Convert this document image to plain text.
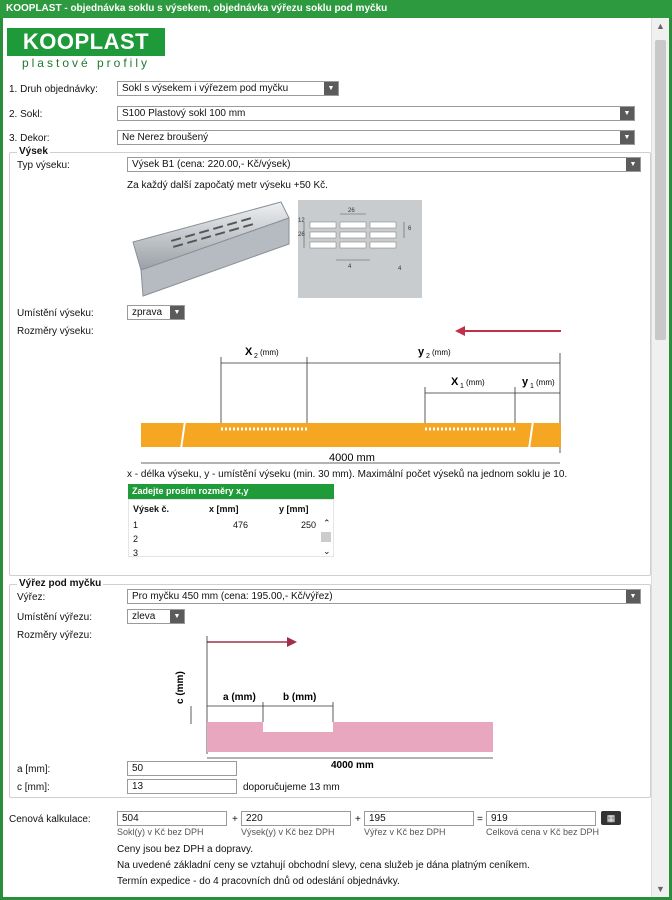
KOOPLAST - objednávka soklu s výsekem, objednávka výřezu soklu pod myčku
KOOPLAST
plastové profily
1. Druh objednávky:	Sokl s výsekem i výřezem pod myčku	▼
2. Sokl:	S100 Plastový sokl 100 mm	▼
3. Dekor:	Ne Nerez broušený	▼
Výsek
Typ výseku:	Výsek B1 (cena: 220.00,- Kč/výsek)	▼
Za každý další započatý metr výseku +50 Kč.
26
26
12
4	4
6
Umístění výseku:	zprava	▼
Rozměry výseku:
X 2 (mm)	y 2 (mm)
X 1 (mm)	y 1 (mm)
4000 mm
x - délka výseku, y - umístění výseku (min. 30 mm). Maximální počet výseků na jednom soklu je 10.
Zadejte prosím rozměry x,y
Výsek č.	x [mm]	y [mm]
1	476	250
2
3
⌃
⌄
Výřez pod myčku
Výřez:	Pro myčku 450 mm (cena: 195.00,- Kč/výřez)	▼
Umístění výřezu:	zleva	▼
Rozměry výřezu:
c (mm)	a (mm)	b (mm)
4000 mm
a [mm]:	50
c [mm]:	13	doporučujeme 13 mm
Cenová kalkulace:	504
Sokl(y) v Kč bez DPH
+ 220
Výsek(y) v Kč bez DPH
+ 195
Výřez v Kč bez DPH
= 919
Celková cena v Kč bez DPH
▦
Ceny jsou bez DPH a dopravy.
Na uvedené základní ceny se vztahují obchodní slevy, cena služeb je dána platným ceníkem.
Termín expedice - do 4 pracovních dnů od odeslání objednávky.
▲
▼
